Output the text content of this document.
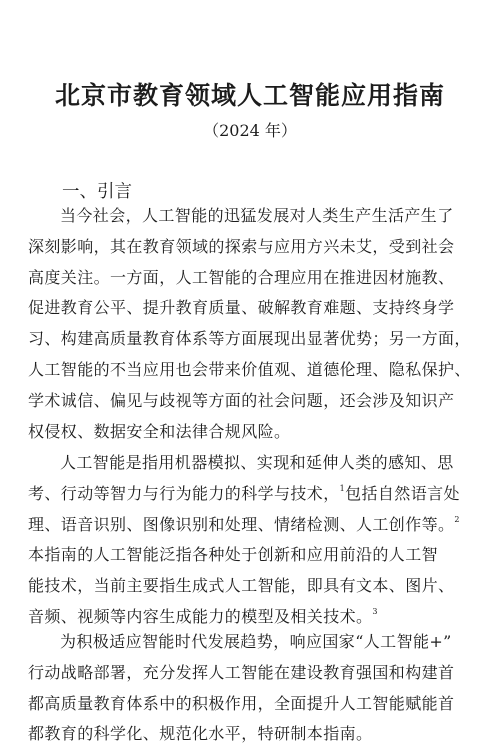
北京市教育领域人工智能应用指南
（2024 年）
一、引言

当今社会，人工智能的迅猛发展对人类生产生活产生了
深刻影响，其在教育领域的探索与应用方兴未艾，受到社会
高度关注。一方面，人工智能的合理应用在推进因材施教、
促进教育公平、提升教育质量、破解教育难题、支持终身学
习、构建高质量教育体系等方面展现出显著优势；另一方面，
人工智能的不当应用也会带来价值观、道德伦理、隐私保护、
学术诚信、偏见与歧视等方面的社会问题，还会涉及知识产
权侵权、数据安全和法律合规风险。

人工智能是指用机器模拟、实现和延伸人类的感知、思
考、行动等智力与行为能力的科学与技术，$^1$包括自然语言处
理、语音识别、图像识别和处理、情绪检测、人工创作等。$^2$
本指南的人工智能泛指各种处于创新和应用前沿的人工智
能技术，当前主要指生成式人工智能，即具有文本、图片、
音频、视频等内容生成能力的模型及相关技术。$^3$

为积极适应智能时代发展趋势，响应国家“人工智能+”
行动战略部署，充分发挥人工智能在建设教育强国和构建首
都高质量教育体系中的积极作用，全面提升人工智能赋能首
都教育的科学化、规范化水平，特研制本指南。
